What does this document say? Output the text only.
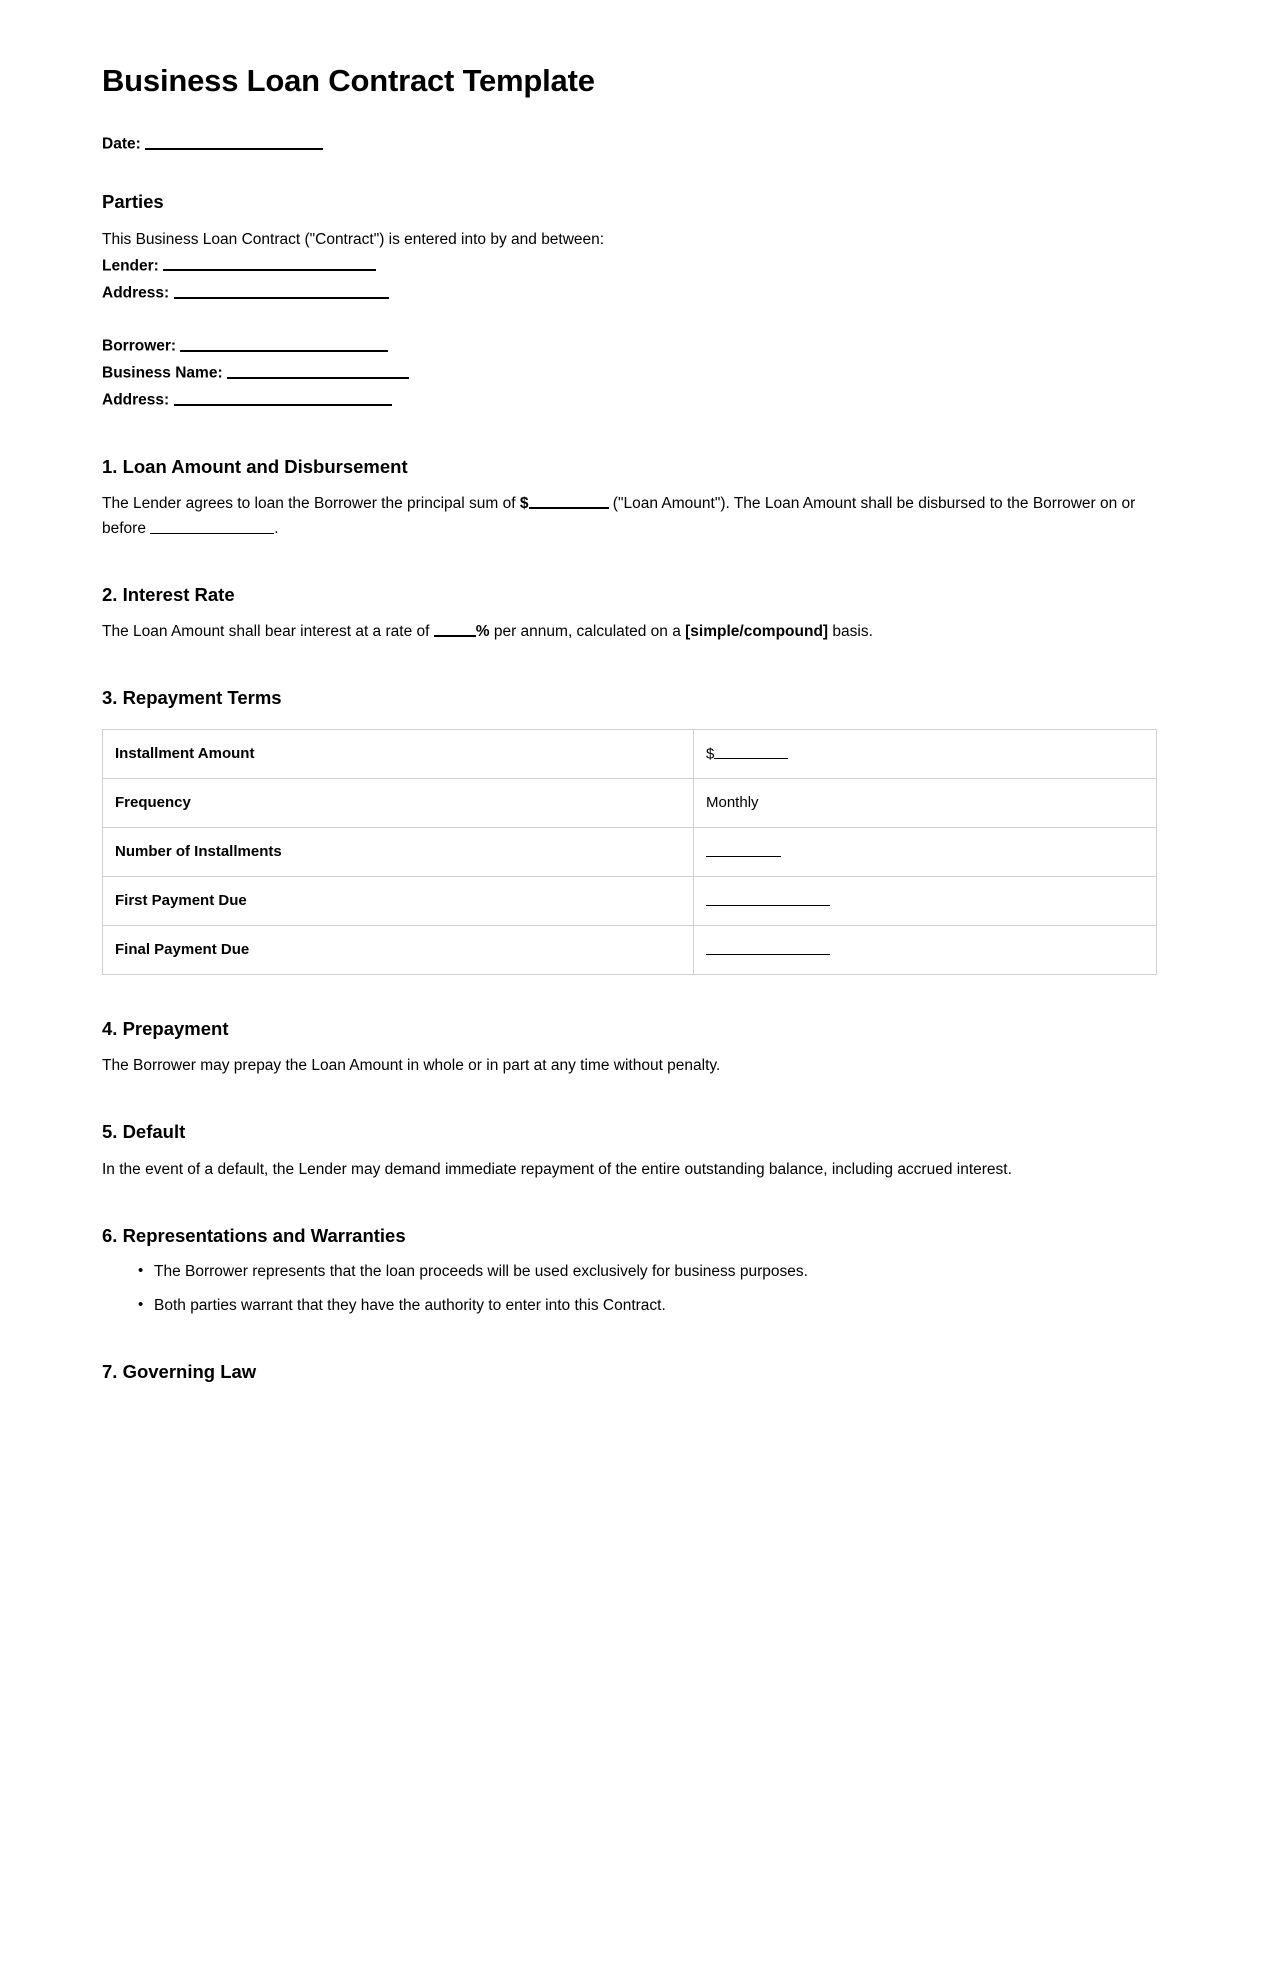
Business Loan Contract Template
Date:
Parties

This Business Loan Contract ("Contract") is entered into by and between:

Lender:
Address:
Borrower:
Business Name:
Address:
1. Loan Amount and Disbursement

The Lender agrees to loan the Borrower the principal sum of $	("Loan Amount"). The Loan Amount shall be disbursed to the Borrower on or before	.

2. Interest Rate

The Loan Amount shall bear interest at a rate of	% per annum, calculated on a [simple/compound] basis.

3. Repayment Terms
Installment Amount	$
Frequency	Monthly
Number of Installments	
First Payment Due	
Final Payment Due	
4. Prepayment

The Borrower may prepay the Loan Amount in whole or in part at any time without penalty.

5. Default

In the event of a default, the Lender may demand immediate repayment of the entire outstanding balance, including accrued interest.

6. Representations and Warranties
• The Borrower represents that the loan proceeds will be used exclusively for business purposes.
• Both parties warrant that they have the authority to enter into this Contract.
7. Governing Law
